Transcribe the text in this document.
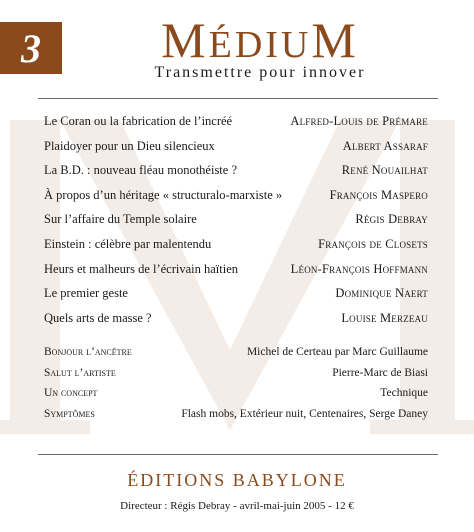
3	MÉDIUM
Transmettre pour innover
Le Coran ou la fabrication de l’incréé	Alfred-Louis de Prémare
Plaidoyer pour un Dieu silencieux	Albert Assaraf
La B.D. : nouveau fléau monothéiste ?	René Nouailhat
À propos d’un héritage « structuralo-marxiste »	François Maspero
Sur l’affaire du Temple solaire	Régis Debray
Einstein : célèbre par malentendu	François de Closets
Heurs et malheurs de l’écrivain haïtien	Léon-François Hoffmann
Le premier geste	Dominique Naert
Quels arts de masse ?	Louise Merzeau
Bonjour l’ancêtre	Michel de Certeau par Marc Guillaume
Salut l’artiste	Pierre-Marc de Biasi
Un concept	Technique
Symptômes	Flash mobs, Extérieur nuit, Centenaires, Serge Daney
ÉDITIONS BABYLONE
Directeur : Régis Debray - avril-mai-juin 2005 - 12 €
